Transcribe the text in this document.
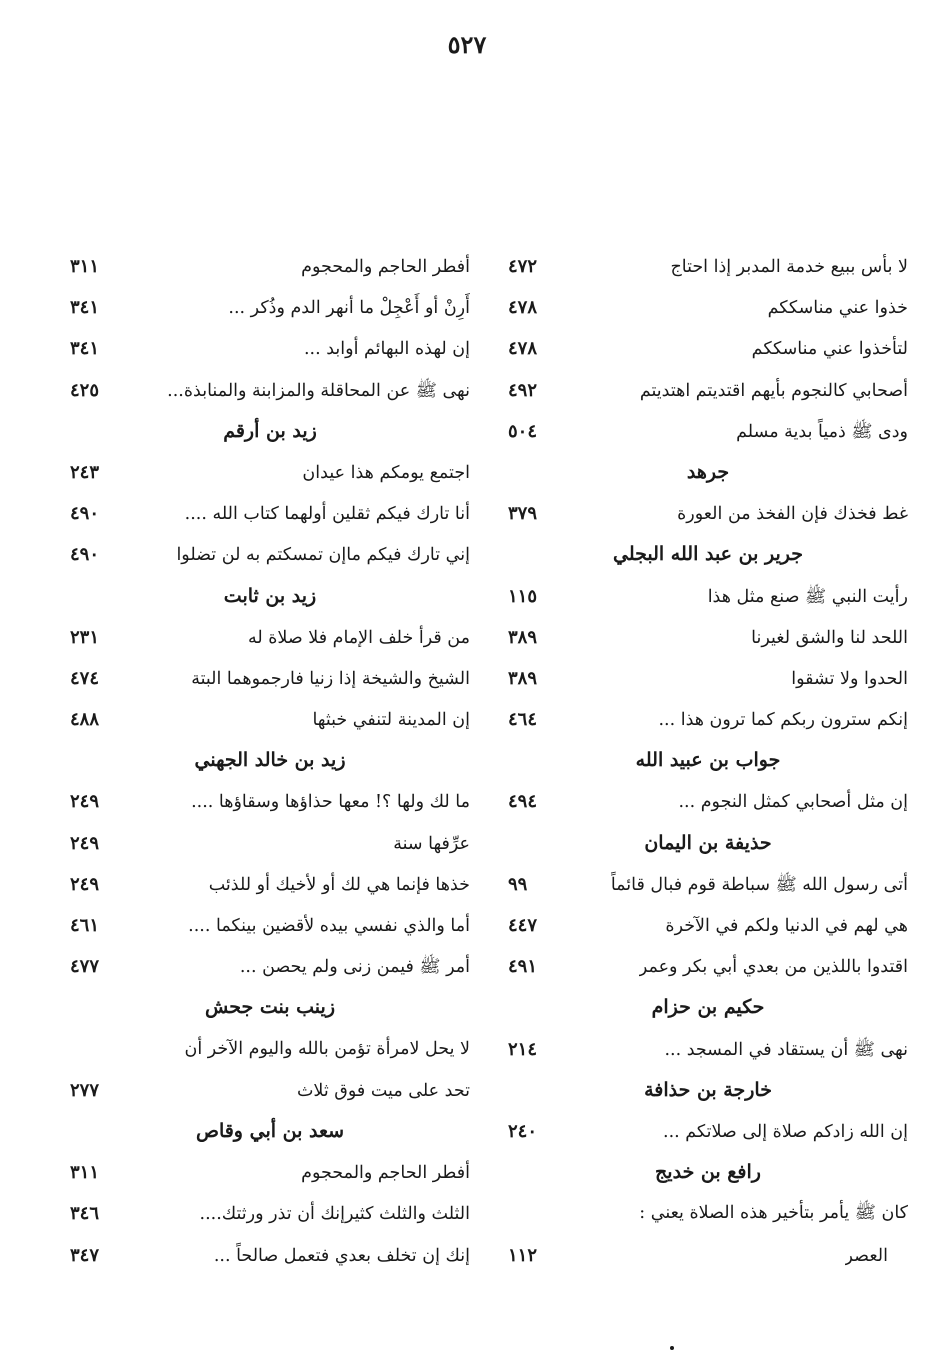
٥٢٧
لا بأس ببيع خدمة المدبر إذا احتاج
٤٧٢
خذوا عني مناسككم
٤٧٨
لتأخذوا عني مناسككم
٤٧٨
أصحابي كالنجوم بأيهم اقتديتم اهتديتم
٤٩٢
ودى ﷺ ذمياً بدية مسلم
٥٠٤
جرهد
غط فخذك فإن الفخذ من العورة
٣٧٩
جرير بن عبد الله البجلي
رأيت النبي ﷺ صنع مثل هذا
١١٥
اللحد لنا والشق لغيرنا
٣٨٩
الحدوا ولا تشقوا
٣٨٩
إنكم سترون ربكم كما ترون هذا ...
٤٦٤
جواب بن عبيد الله
إن مثل أصحابي كمثل النجوم ...
٤٩٤
حذيفة بن اليمان
أتى رسول الله ﷺ سباطة قوم فبال قائماً
٩٩
هي لهم في الدنيا ولكم في الآخرة
٤٤٧
اقتدوا باللذين من بعدي أبي بكر وعمر
٤٩١
حكيم بن حزام
نهى ﷺ أن يستقاد في المسجد ...
٢١٤
خارجة بن حذافة
إن الله زادكم صلاة إلى صلاتكم ...
٢٤٠
رافع بن خديج
كان ﷺ يأمر بتأخير هذه الصلاة يعني :
العصر
١١٢
أفطر الحاجم والمحجوم
٣١١
أَرِنْ أو أَعْجِلْ ما أنهر الدم وذُكر ...
٣٤١
إن لهذه البهائم أوابد ...
٣٤١
نهى ﷺ عن المحاقلة والمزابنة والمنابذة...
٤٢٥
زيد بن أرقم
اجتمع يومكم هذا عيدان
٢٤٣
أنا تارك فيكم ثقلين أولهما كتاب الله ....
٤٩٠
إني تارك فيكم ماإن تمسكتم به لن تضلوا
٤٩٠
زيد بن ثابت
من قرأ خلف الإمام فلا صلاة له
٢٣١
الشيخ والشيخة إذا زنيا فارجموهما البتة
٤٧٤
إن المدينة لتنفي خبثها
٤٨٨
زيد بن خالد الجهني
ما لك ولها ؟! معها حذاؤها وسقاؤها ....
٢٤٩
عرِّفها سنة
٢٤٩
خذها فإنما هي لك أو لأخيك أو للذئب
٢٤٩
أما والذي نفسي بيده لأقضين بينكما ....
٤٦١
أمر ﷺ فيمن زنى ولم يحصن ...
٤٧٧
زينب بنت جحش
لا يحل لامرأة تؤمن بالله واليوم الآخر أن
تحد على ميت فوق ثلاث
٢٧٧
سعد بن أبي وقاص
أفطر الحاجم والمحجوم
٣١١
الثلث والثلث كثيرإنك أن تذر ورثتك....
٣٤٦
إنك إن تخلف بعدي فتعمل صالحاً ...
٣٤٧
